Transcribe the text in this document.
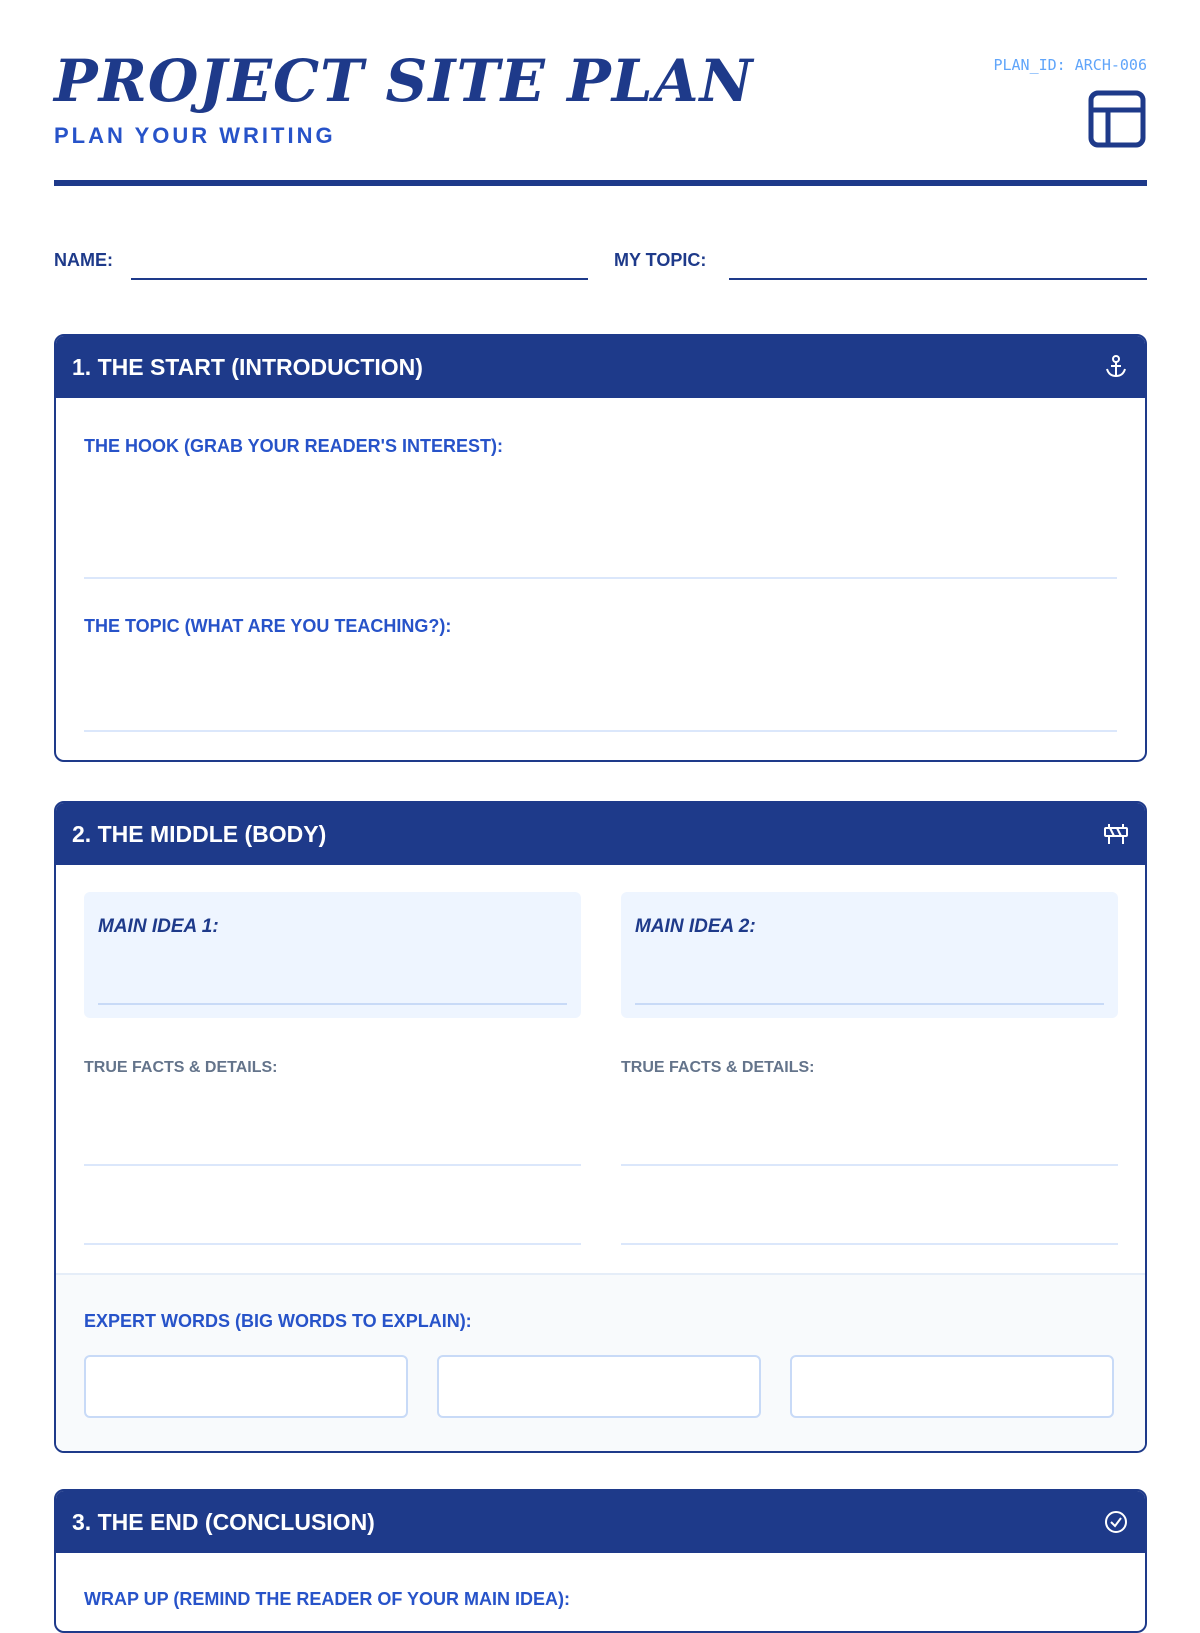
PROJECT SITE PLAN
PLAN YOUR WRITING
PLAN_ID: ARCH-006
NAME:	MY TOPIC:
1. THE START (INTRODUCTION)
THE HOOK (GRAB YOUR READER'S INTEREST):
THE TOPIC (WHAT ARE YOU TEACHING?):
2. THE MIDDLE (BODY)
MAIN IDEA 1:	MAIN IDEA 2:
TRUE FACTS & DETAILS:	TRUE FACTS & DETAILS:
EXPERT WORDS (BIG WORDS TO EXPLAIN):
3. THE END (CONCLUSION)
WRAP UP (REMIND THE READER OF YOUR MAIN IDEA):
